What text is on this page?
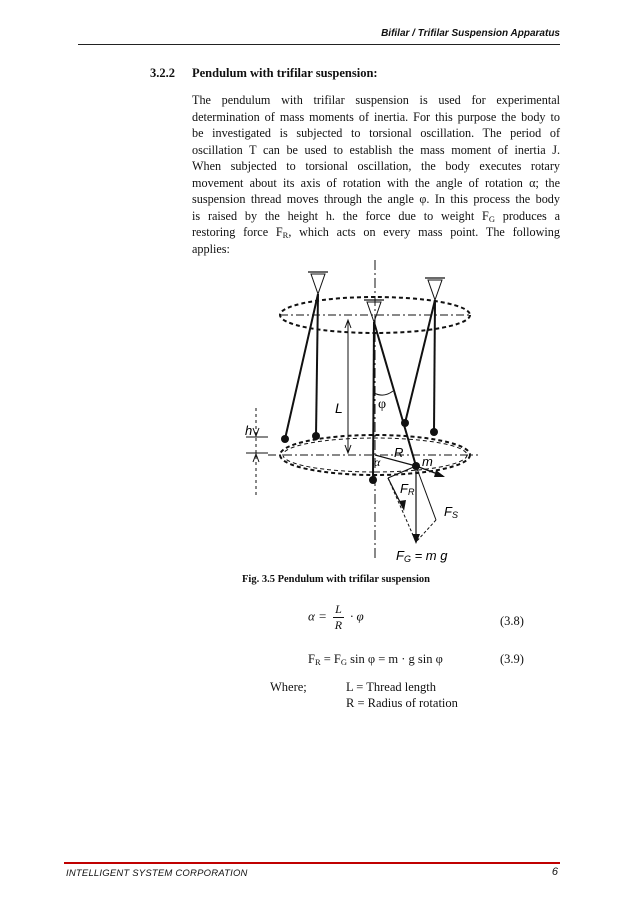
Bifilar / Trifilar Suspension Apparatus
3.2.2 Pendulum with trifilar suspension:
The pendulum with trifilar suspension is used for experimental
determination of mass moments of inertia. For this purpose the body to
be investigated is subjected to torsional oscillation. The period of
oscillation T can be used to establish the mass moment of inertia J.
When subjected to torsional oscillation, the body executes rotary
movement about its axis of rotation with the angle of rotation α; the
suspension thread moves through the angle φ. In this process the body
is raised by the height h. the force due to weight $F_G$ produces a
restoring force $F_R$, which acts on every mass point. The following
applies:
L	φ
h
R
α	m
FR
FS
FG = m g
Fig. 3.5 Pendulum with trifilar suspension
$\alpha = \frac{L}{R} \cdot \varphi$	(3.8)
$F_R = F_G$ sin φ = m · g sin φ	(3.9)
Where;	L = Thread length
R = Radius of rotation
INTELLIGENT SYSTEM CORPORATION	6
